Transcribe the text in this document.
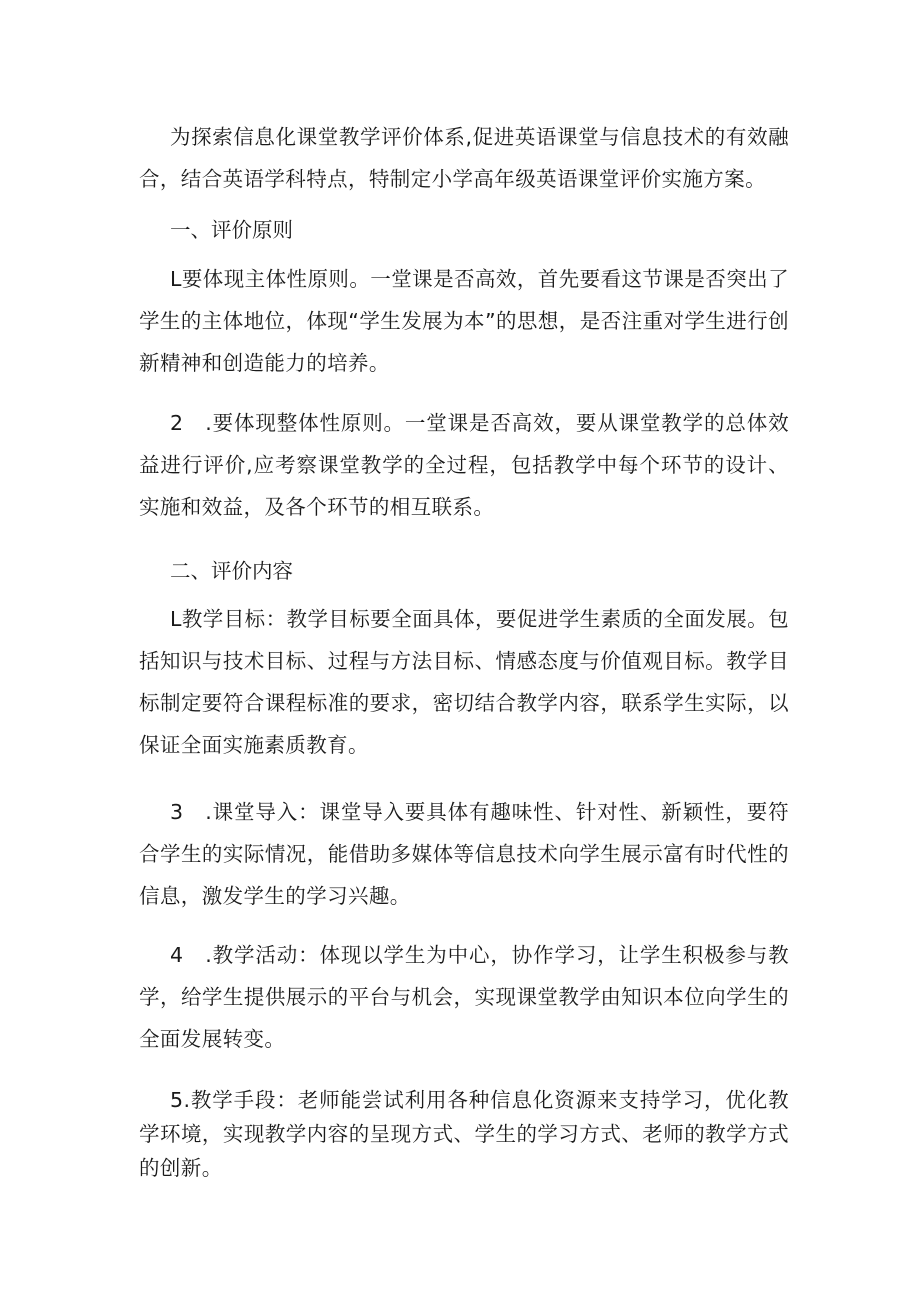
为探索信息化课堂教学评价体系,促进英语课堂与信息技术的有效融合，结合英语学科特点，特制定小学高年级英语课堂评价实施方案。

一、评价原则

L要体现主体性原则。一堂课是否高效，首先要看这节课是否突出了学生的主体地位，体现“学生发展为本”的思想，是否注重对学生进行创新精神和创造能力的培养。

2　.要体现整体性原则。一堂课是否高效，要从课堂教学的总体效益进行评价,应考察课堂教学的全过程，包括教学中每个环节的设计、实施和效益，及各个环节的相互联系。

二、评价内容

L教学目标：教学目标要全面具体，要促进学生素质的全面发展。包括知识与技术目标、过程与方法目标、情感态度与价值观目标。教学目标制定要符合课程标准的要求，密切结合教学内容，联系学生实际，以保证全面实施素质教育。

3　.课堂导入：课堂导入要具体有趣味性、针对性、新颖性，要符合学生的实际情况，能借助多媒体等信息技术向学生展示富有时代性的信息，激发学生的学习兴趣。

4　.教学活动：体现以学生为中心，协作学习，让学生积极参与教学，给学生提供展示的平台与机会，实现课堂教学由知识本位向学生的全面发展转变。

5.教学手段：老师能尝试利用各种信息化资源来支持学习，优化教学环境，实现教学内容的呈现方式、学生的学习方式、老师的教学方式的创新。
